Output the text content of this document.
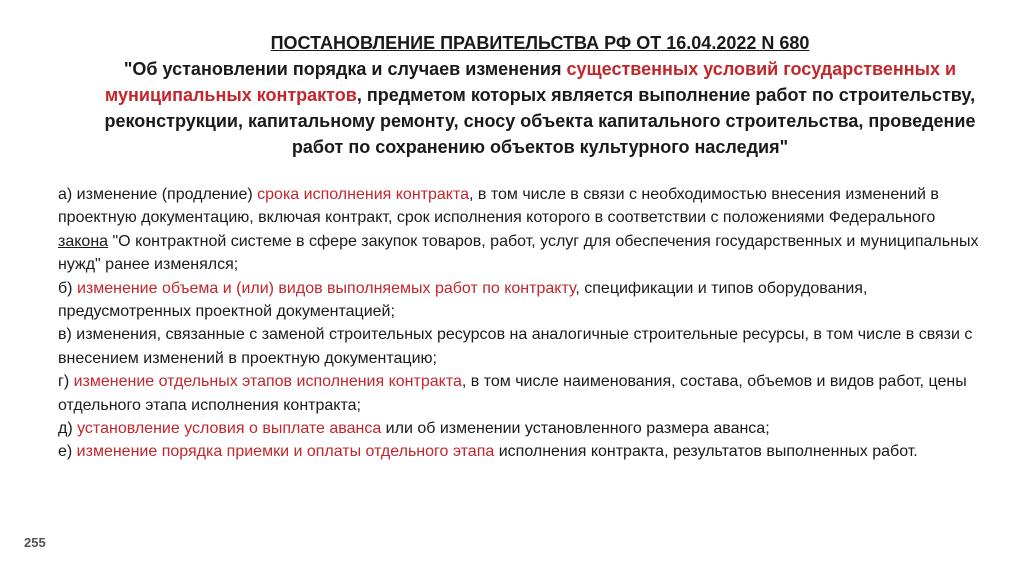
ПОСТАНОВЛЕНИЕ ПРАВИТЕЛЬСТВА РФ ОТ 16.04.2022 N 680
"Об установлении порядка и случаев изменения существенных условий государственных и муниципальных контрактов, предметом которых является выполнение работ по строительству, реконструкции, капитальному ремонту, сносу объекта капитального строительства, проведение работ по сохранению объектов культурного наследия"

а) изменение (продление) срока исполнения контракта, в том числе в связи с необходимостью внесения изменений в проектную документацию, включая контракт, срок исполнения которого в соответствии с положениями Федерального закона "О контрактной системе в сфере закупок товаров, работ, услуг для обеспечения государственных и муниципальных нужд" ранее изменялся;

б) изменение объема и (или) видов выполняемых работ по контракту, спецификации и типов оборудования, предусмотренных проектной документацией;

в) изменения, связанные с заменой строительных ресурсов на аналогичные строительные ресурсы, в том числе в связи с внесением изменений в проектную документацию;

г) изменение отдельных этапов исполнения контракта, в том числе наименования, состава, объемов и видов работ, цены отдельного этапа исполнения контракта;

д) установление условия о выплате аванса или об изменении установленного размера аванса;

е) изменение порядка приемки и оплаты отдельного этапа исполнения контракта, результатов выполненных работ.

255
